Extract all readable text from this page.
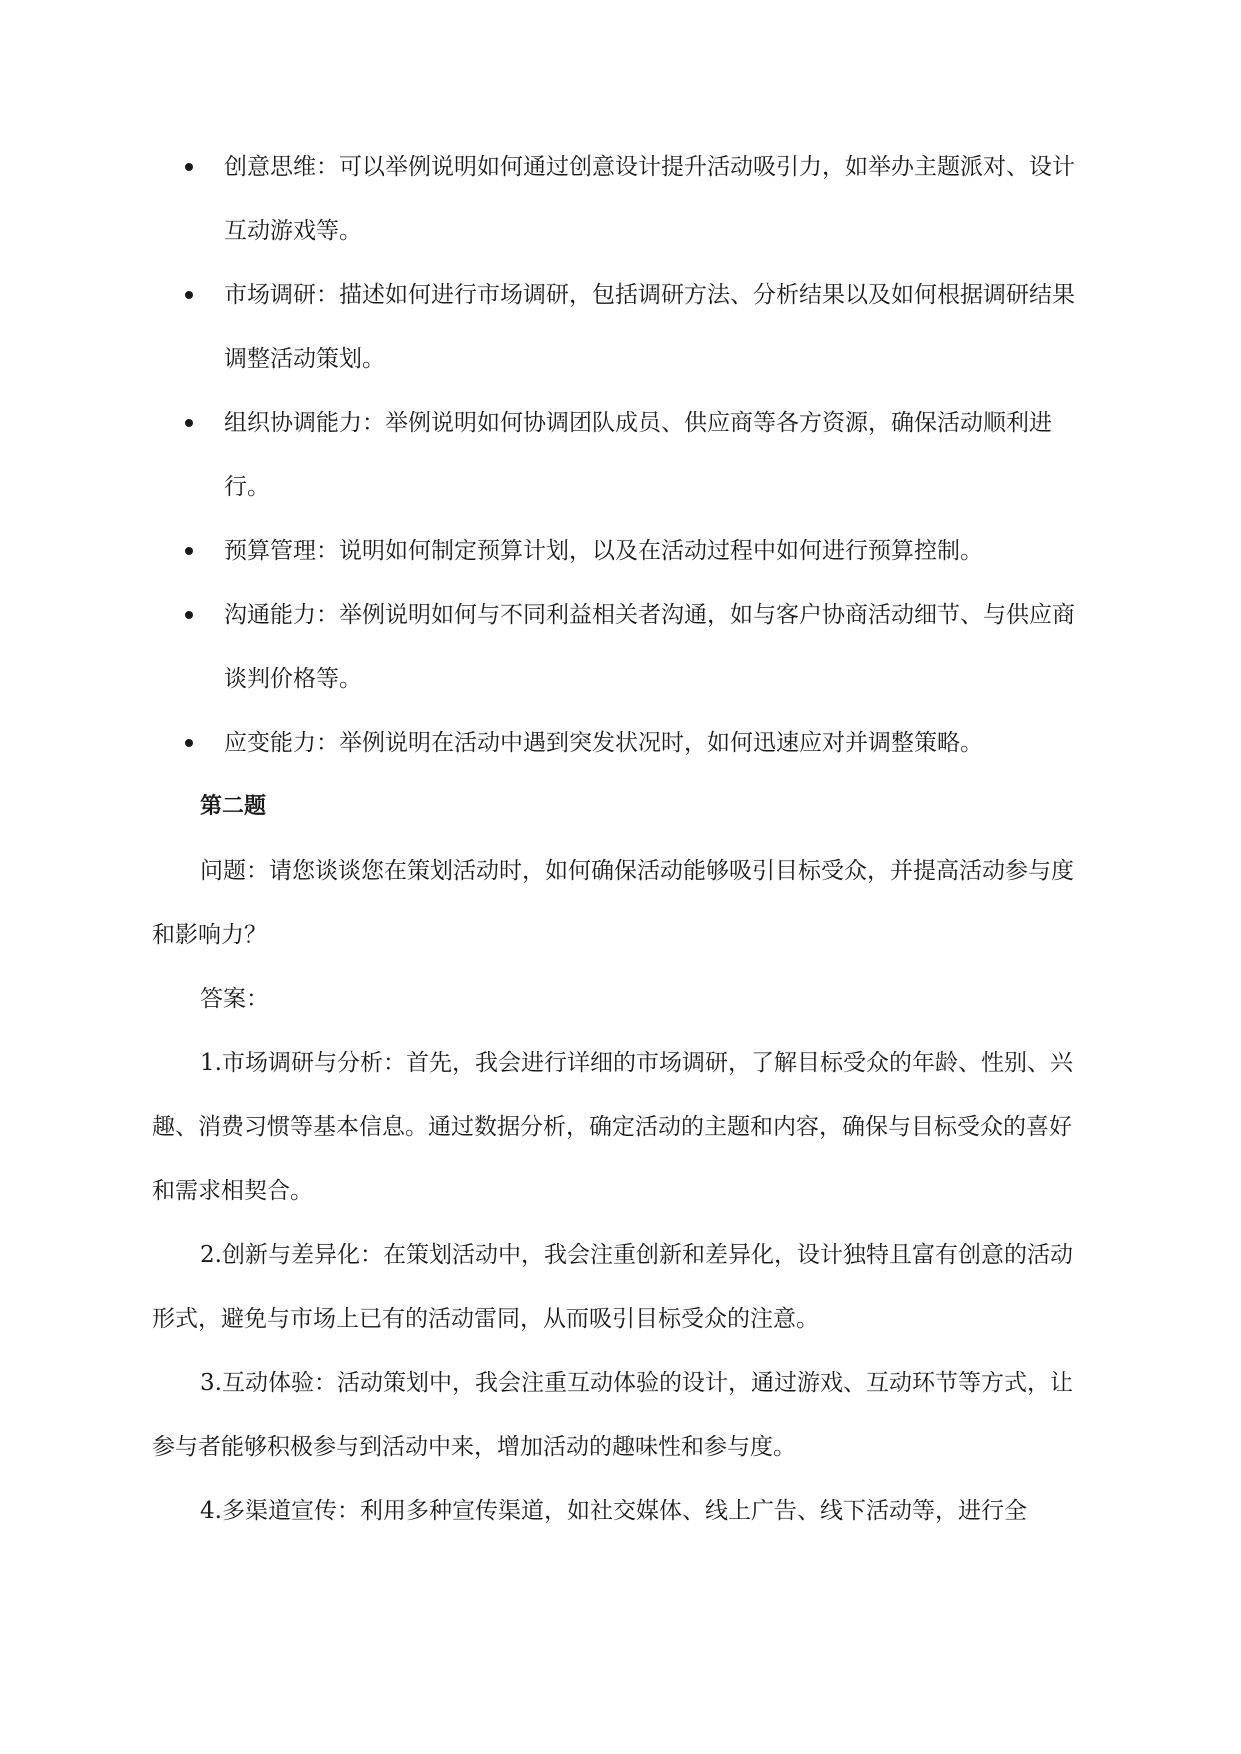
创意思维：可以举例说明如何通过创意设计提升活动吸引力，如举办主题派对、设计互动游戏等。
市场调研：描述如何进行市场调研，包括调研方法、分析结果以及如何根据调研结果调整活动策划。
组织协调能力：举例说明如何协调团队成员、供应商等各方资源，确保活动顺利进行。
预算管理：说明如何制定预算计划，以及在活动过程中如何进行预算控制。
沟通能力：举例说明如何与不同利益相关者沟通，如与客户协商活动细节、与供应商谈判价格等。
应变能力：举例说明在活动中遇到突发状况时，如何迅速应对并调整策略。

第二题

问题：请您谈谈您在策划活动时，如何确保活动能够吸引目标受众，并提高活动参与度和影响力？

答案：

1.市场调研与分析：首先，我会进行详细的市场调研，了解目标受众的年龄、性别、兴趣、消费习惯等基本信息。通过数据分析，确定活动的主题和内容，确保与目标受众的喜好和需求相契合。

2.创新与差异化：在策划活动中，我会注重创新和差异化，设计独特且富有创意的活动形式，避免与市场上已有的活动雷同，从而吸引目标受众的注意。

3.互动体验：活动策划中，我会注重互动体验的设计，通过游戏、互动环节等方式，让参与者能够积极参与到活动中来，增加活动的趣味性和参与度。

4.多渠道宣传：利用多种宣传渠道，如社交媒体、线上广告、线下活动等，进行全
